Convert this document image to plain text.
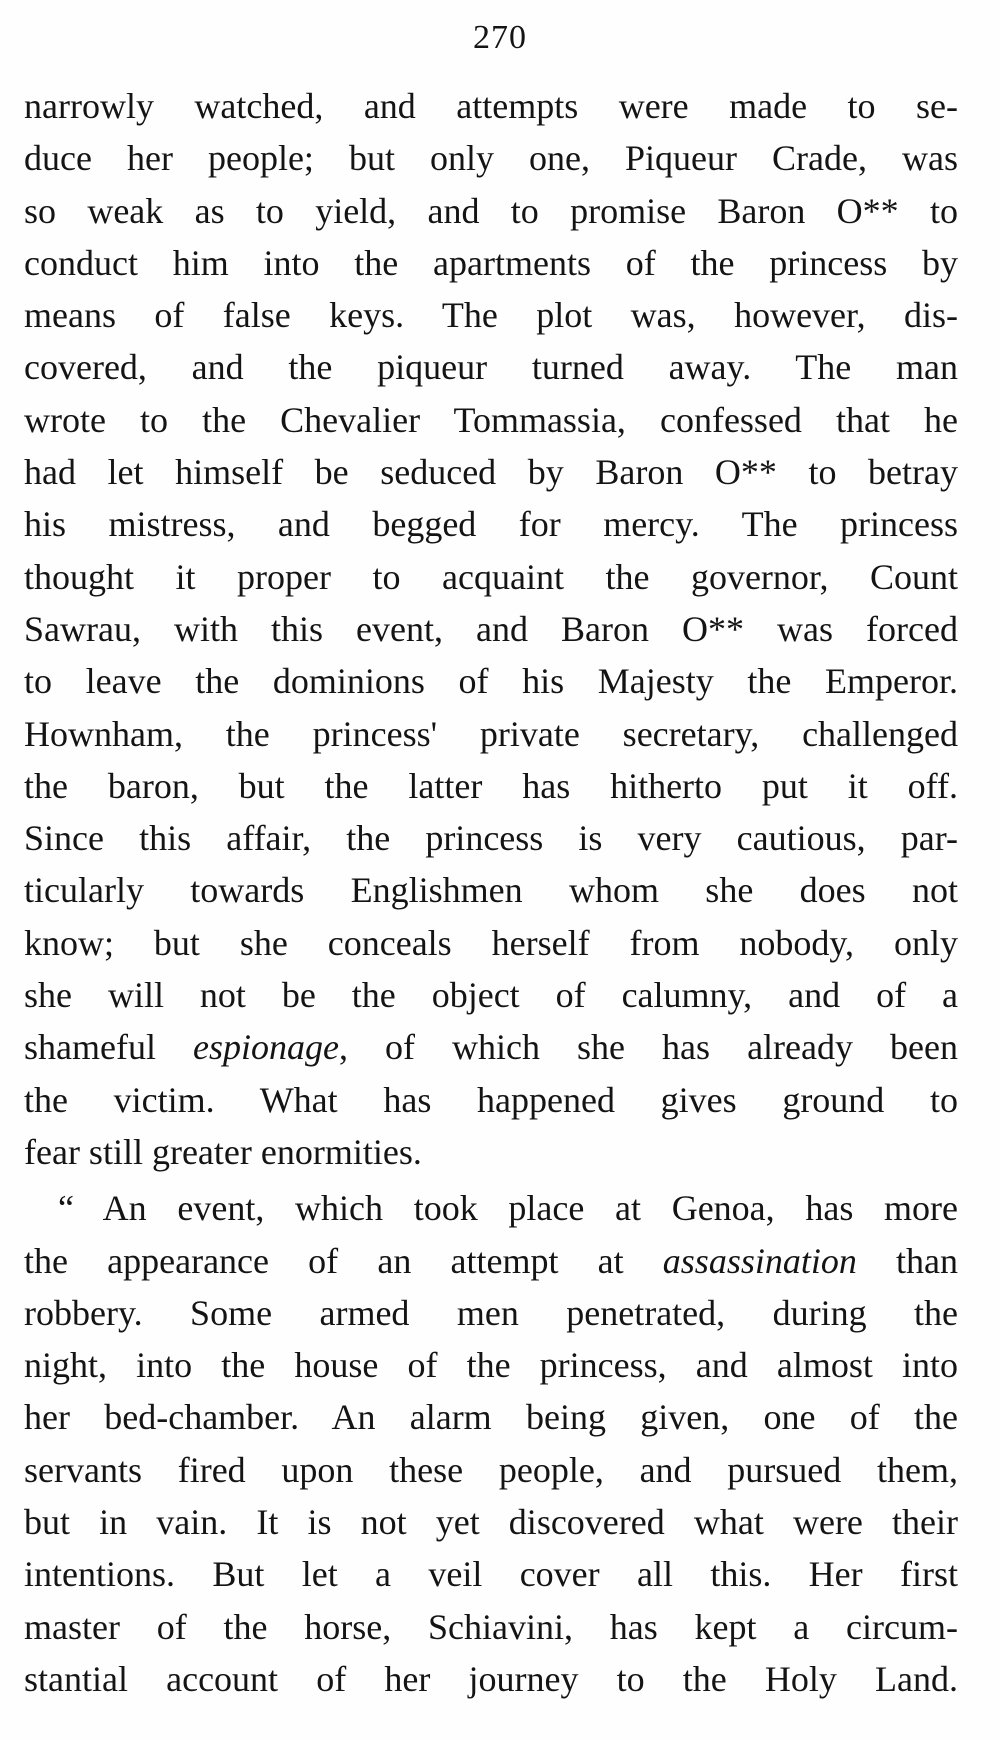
270
narrowly watched, and attempts were made to se-
duce her people; but only one, Piqueur Crade, was
so weak as to yield, and to promise Baron O** to
conduct him into the apartments of the princess by
means of false keys. The plot was, however, dis-
covered, and the piqueur turned away. The man
wrote to the Chevalier Tommassia, confessed that he
had let himself be seduced by Baron O** to betray
his mistress, and begged for mercy. The princess
thought it proper to acquaint the governor, Count
Sawrau, with this event, and Baron O** was forced
to leave the dominions of his Majesty the Emperor.
Hownham, the princess' private secretary, challenged
the baron, but the latter has hitherto put it off.
Since this affair, the princess is very cautious, par-
ticularly towards Englishmen whom she does not
know; but she conceals herself from nobody, only
she will not be the object of calumny, and of a
shameful espionage, of which she has already been
the victim. What has happened gives ground to
fear still greater enormities.
“ An event, which took place at Genoa, has more
the appearance of an attempt at assassination than
robbery. Some armed men penetrated, during the
night, into the house of the princess, and almost into
her bed-chamber. An alarm being given, one of the
servants fired upon these people, and pursued them,
but in vain. It is not yet discovered what were their
intentions. But let a veil cover all this. Her first
master of the horse, Schiavini, has kept a circum-
stantial account of her journey to the Holy Land.
